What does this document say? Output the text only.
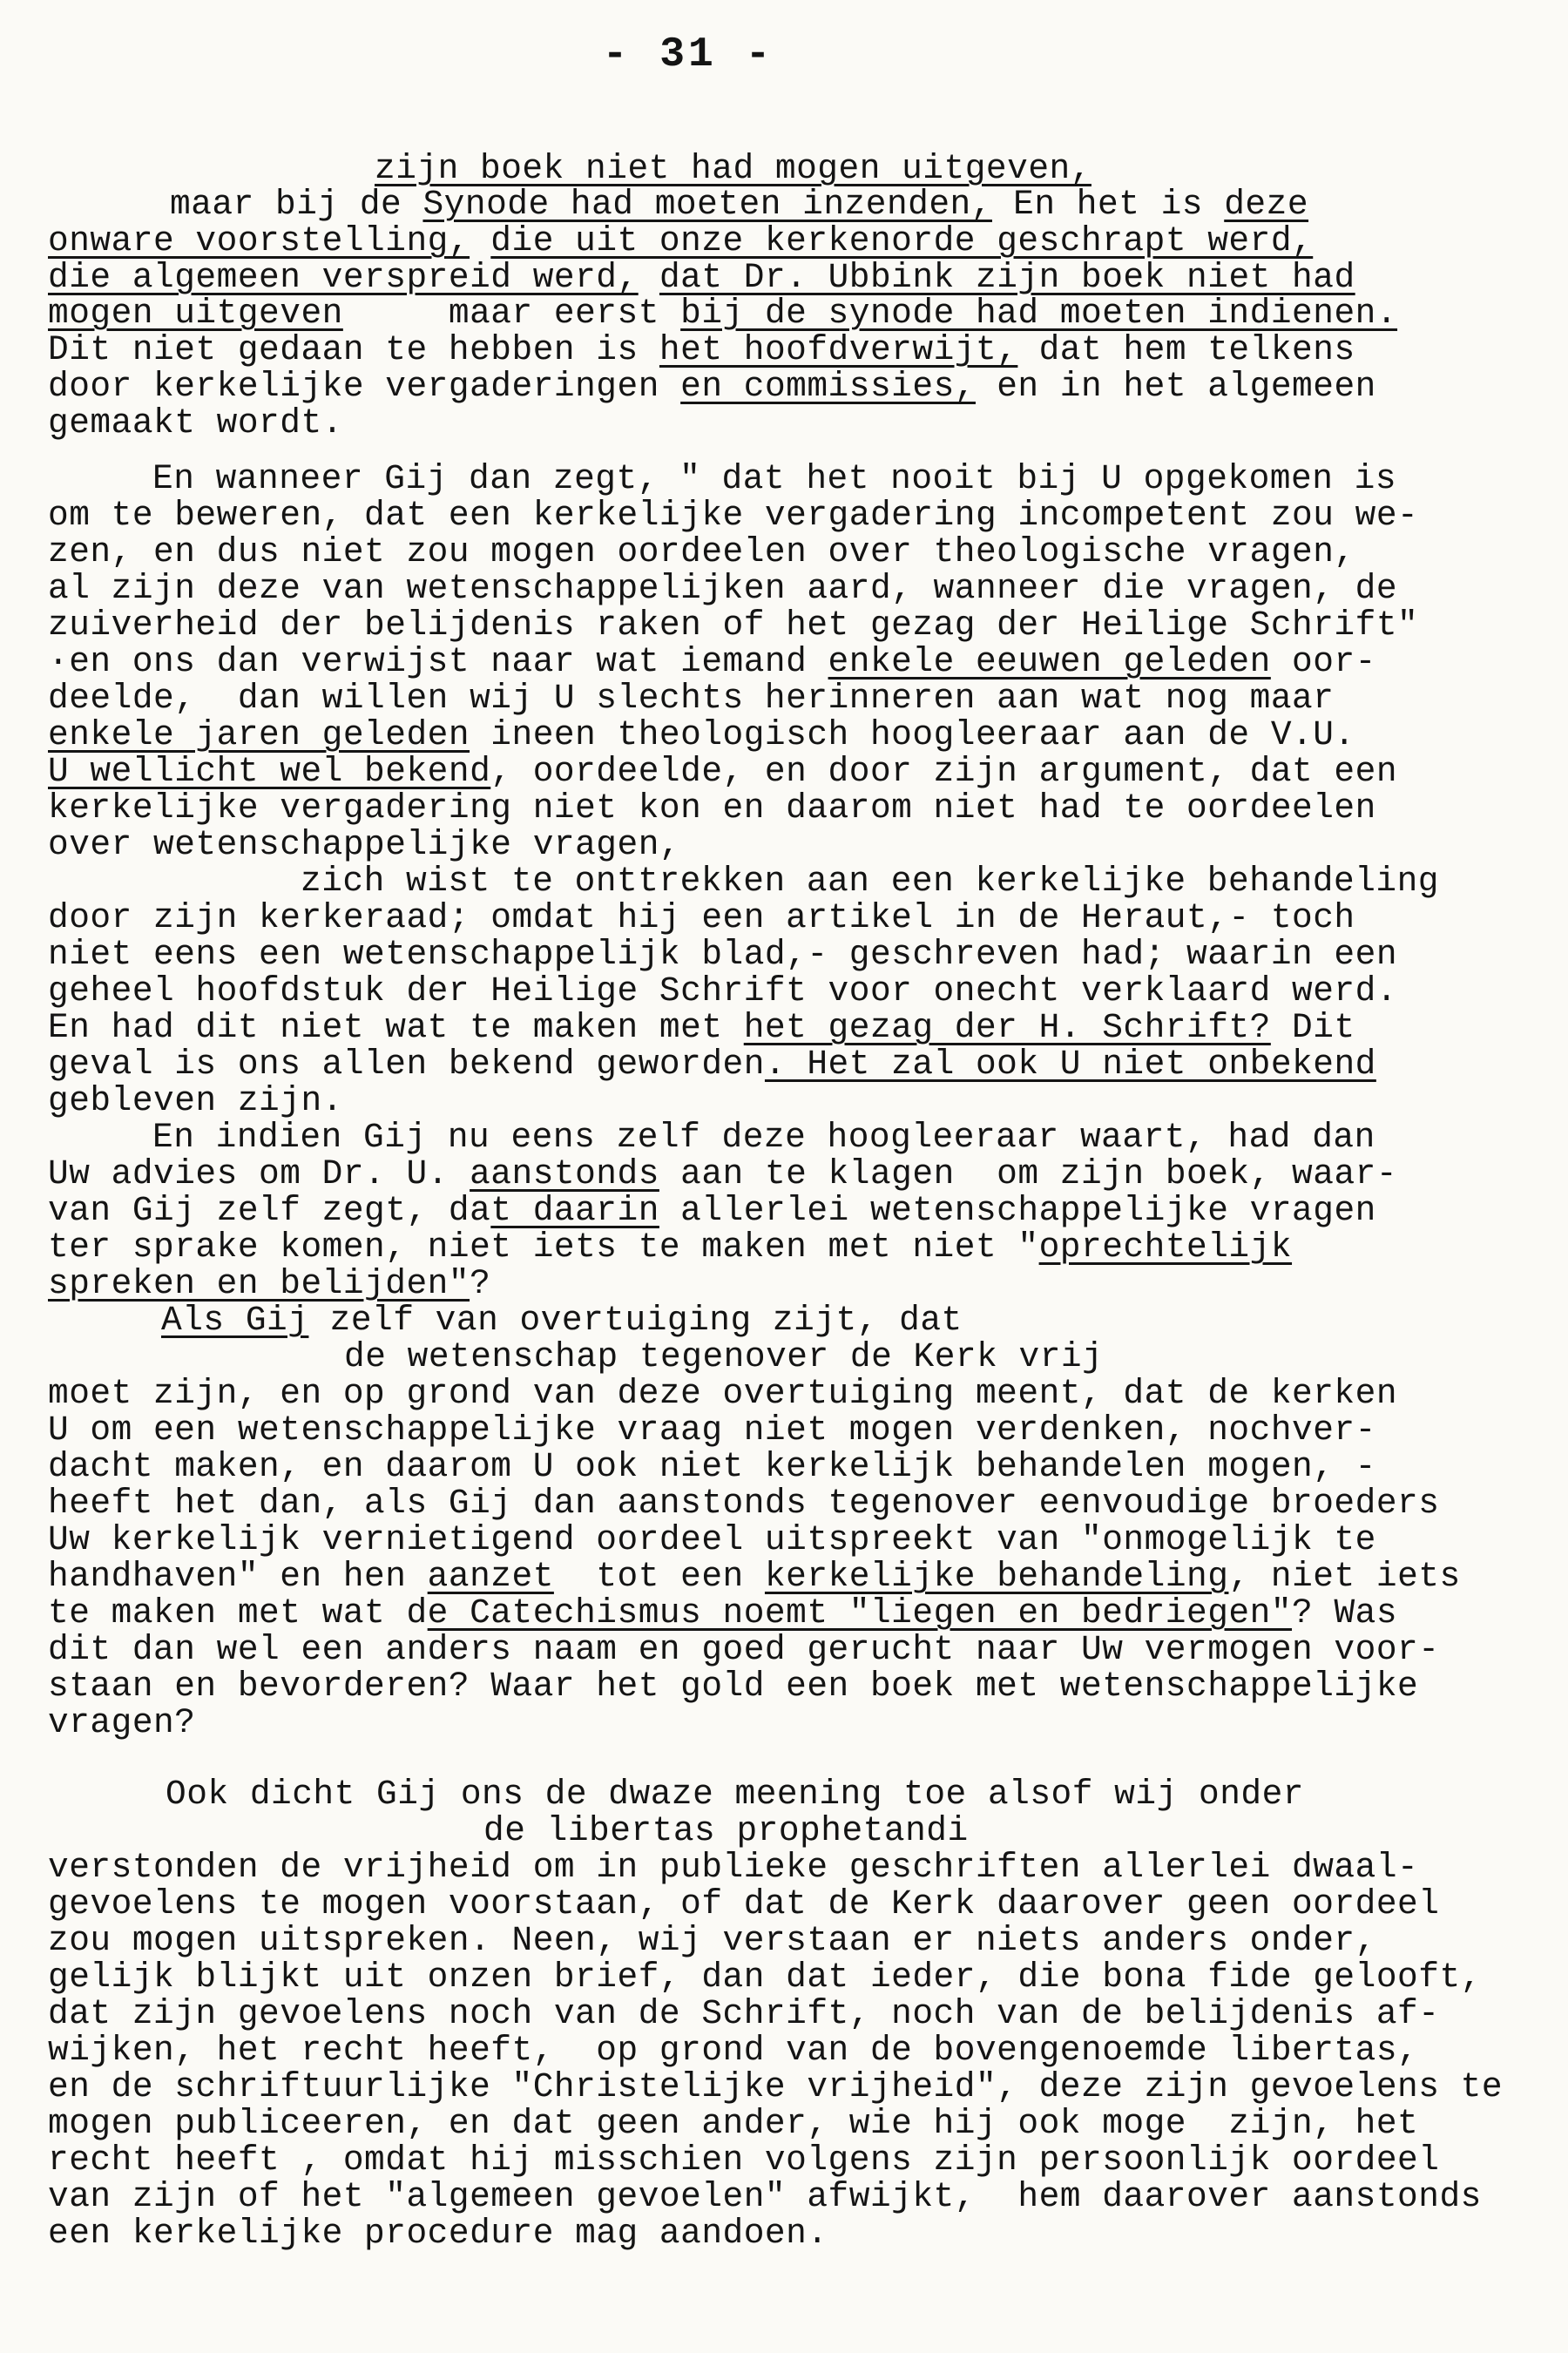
- 31 -
zijn boek niet had mogen uitgeven,
maar bij de Synode had moeten inzenden, En het is deze
onware voorstelling, die uit onze kerkenorde geschrapt werd,
die algemeen verspreid werd, dat Dr. Ubbink zijn boek niet had
mogen uitgeven     maar eerst bij de synode had moeten indienen.
Dit niet gedaan te hebben is het hoofdverwijt, dat hem telkens
door kerkelijke vergaderingen en commissies, en in het algemeen
gemaakt wordt.
En wanneer Gij dan zegt, " dat het nooit bij U opgekomen is
om te beweren, dat een kerkelijke vergadering incompetent zou we-
zen, en dus niet zou mogen oordeelen over theologische vragen,
al zijn deze van wetenschappelijken aard, wanneer die vragen, de
zuiverheid der belijdenis raken of het gezag der Heilige Schrift"
·en ons dan verwijst naar wat iemand enkele eeuwen geleden oor-
deelde,  dan willen wij U slechts herinneren aan wat nog maar
enkele jaren geleden ineen theologisch hoogleeraar aan de V.U.
U wellicht wel bekend, oordeelde, en door zijn argument, dat een
kerkelijke vergadering niet kon en daarom niet had te oordeelen
over wetenschappelijke vragen,
zich wist te onttrekken aan een kerkelijke behandeling
door zijn kerkeraad; omdat hij een artikel in de Heraut,- toch
niet eens een wetenschappelijk blad,- geschreven had; waarin een
geheel hoofdstuk der Heilige Schrift voor onecht verklaard werd.
En had dit niet wat te maken met het gezag der H. Schrift? Dit
geval is ons allen bekend geworden. Het zal ook U niet onbekend
gebleven zijn.
En indien Gij nu eens zelf deze hoogleeraar waart, had dan
Uw advies om Dr. U. aanstonds aan te klagen  om zijn boek, waar-
van Gij zelf zegt, dat daarin allerlei wetenschappelijke vragen
ter sprake komen, niet iets te maken met niet "oprechtelijk
spreken en belijden"?
Als Gij zelf van overtuiging zijt, dat
de wetenschap tegenover de Kerk vrij
moet zijn, en op grond van deze overtuiging meent, dat de kerken
U om een wetenschappelijke vraag niet mogen verdenken, nochver-
dacht maken, en daarom U ook niet kerkelijk behandelen mogen, -
heeft het dan, als Gij dan aanstonds tegenover eenvoudige broeders
Uw kerkelijk vernietigend oordeel uitspreekt van "onmogelijk te
handhaven" en hen aanzet  tot een kerkelijke behandeling, niet iets
te maken met wat de Catechismus noemt "liegen en bedriegen"? Was
dit dan wel een anders naam en goed gerucht naar Uw vermogen voor-
staan en bevorderen? Waar het gold een boek met wetenschappelijke
vragen?
Ook dicht Gij ons de dwaze meening toe alsof wij onder
de libertas prophetandi
verstonden de vrijheid om in publieke geschriften allerlei dwaal-
gevoelens te mogen voorstaan, of dat de Kerk daarover geen oordeel
zou mogen uitspreken. Neen, wij verstaan er niets anders onder,
gelijk blijkt uit onzen brief, dan dat ieder, die bona fide gelooft,
dat zijn gevoelens noch van de Schrift, noch van de belijdenis af-
wijken, het recht heeft,  op grond van de bovengenoemde libertas,
en de schriftuurlijke "Christelijke vrijheid", deze zijn gevoelens te
mogen publiceeren, en dat geen ander, wie hij ook moge  zijn, het
recht heeft , omdat hij misschien volgens zijn persoonlijk oordeel
van zijn of het "algemeen gevoelen" afwijkt,  hem daarover aanstonds
een kerkelijke procedure mag aandoen.
